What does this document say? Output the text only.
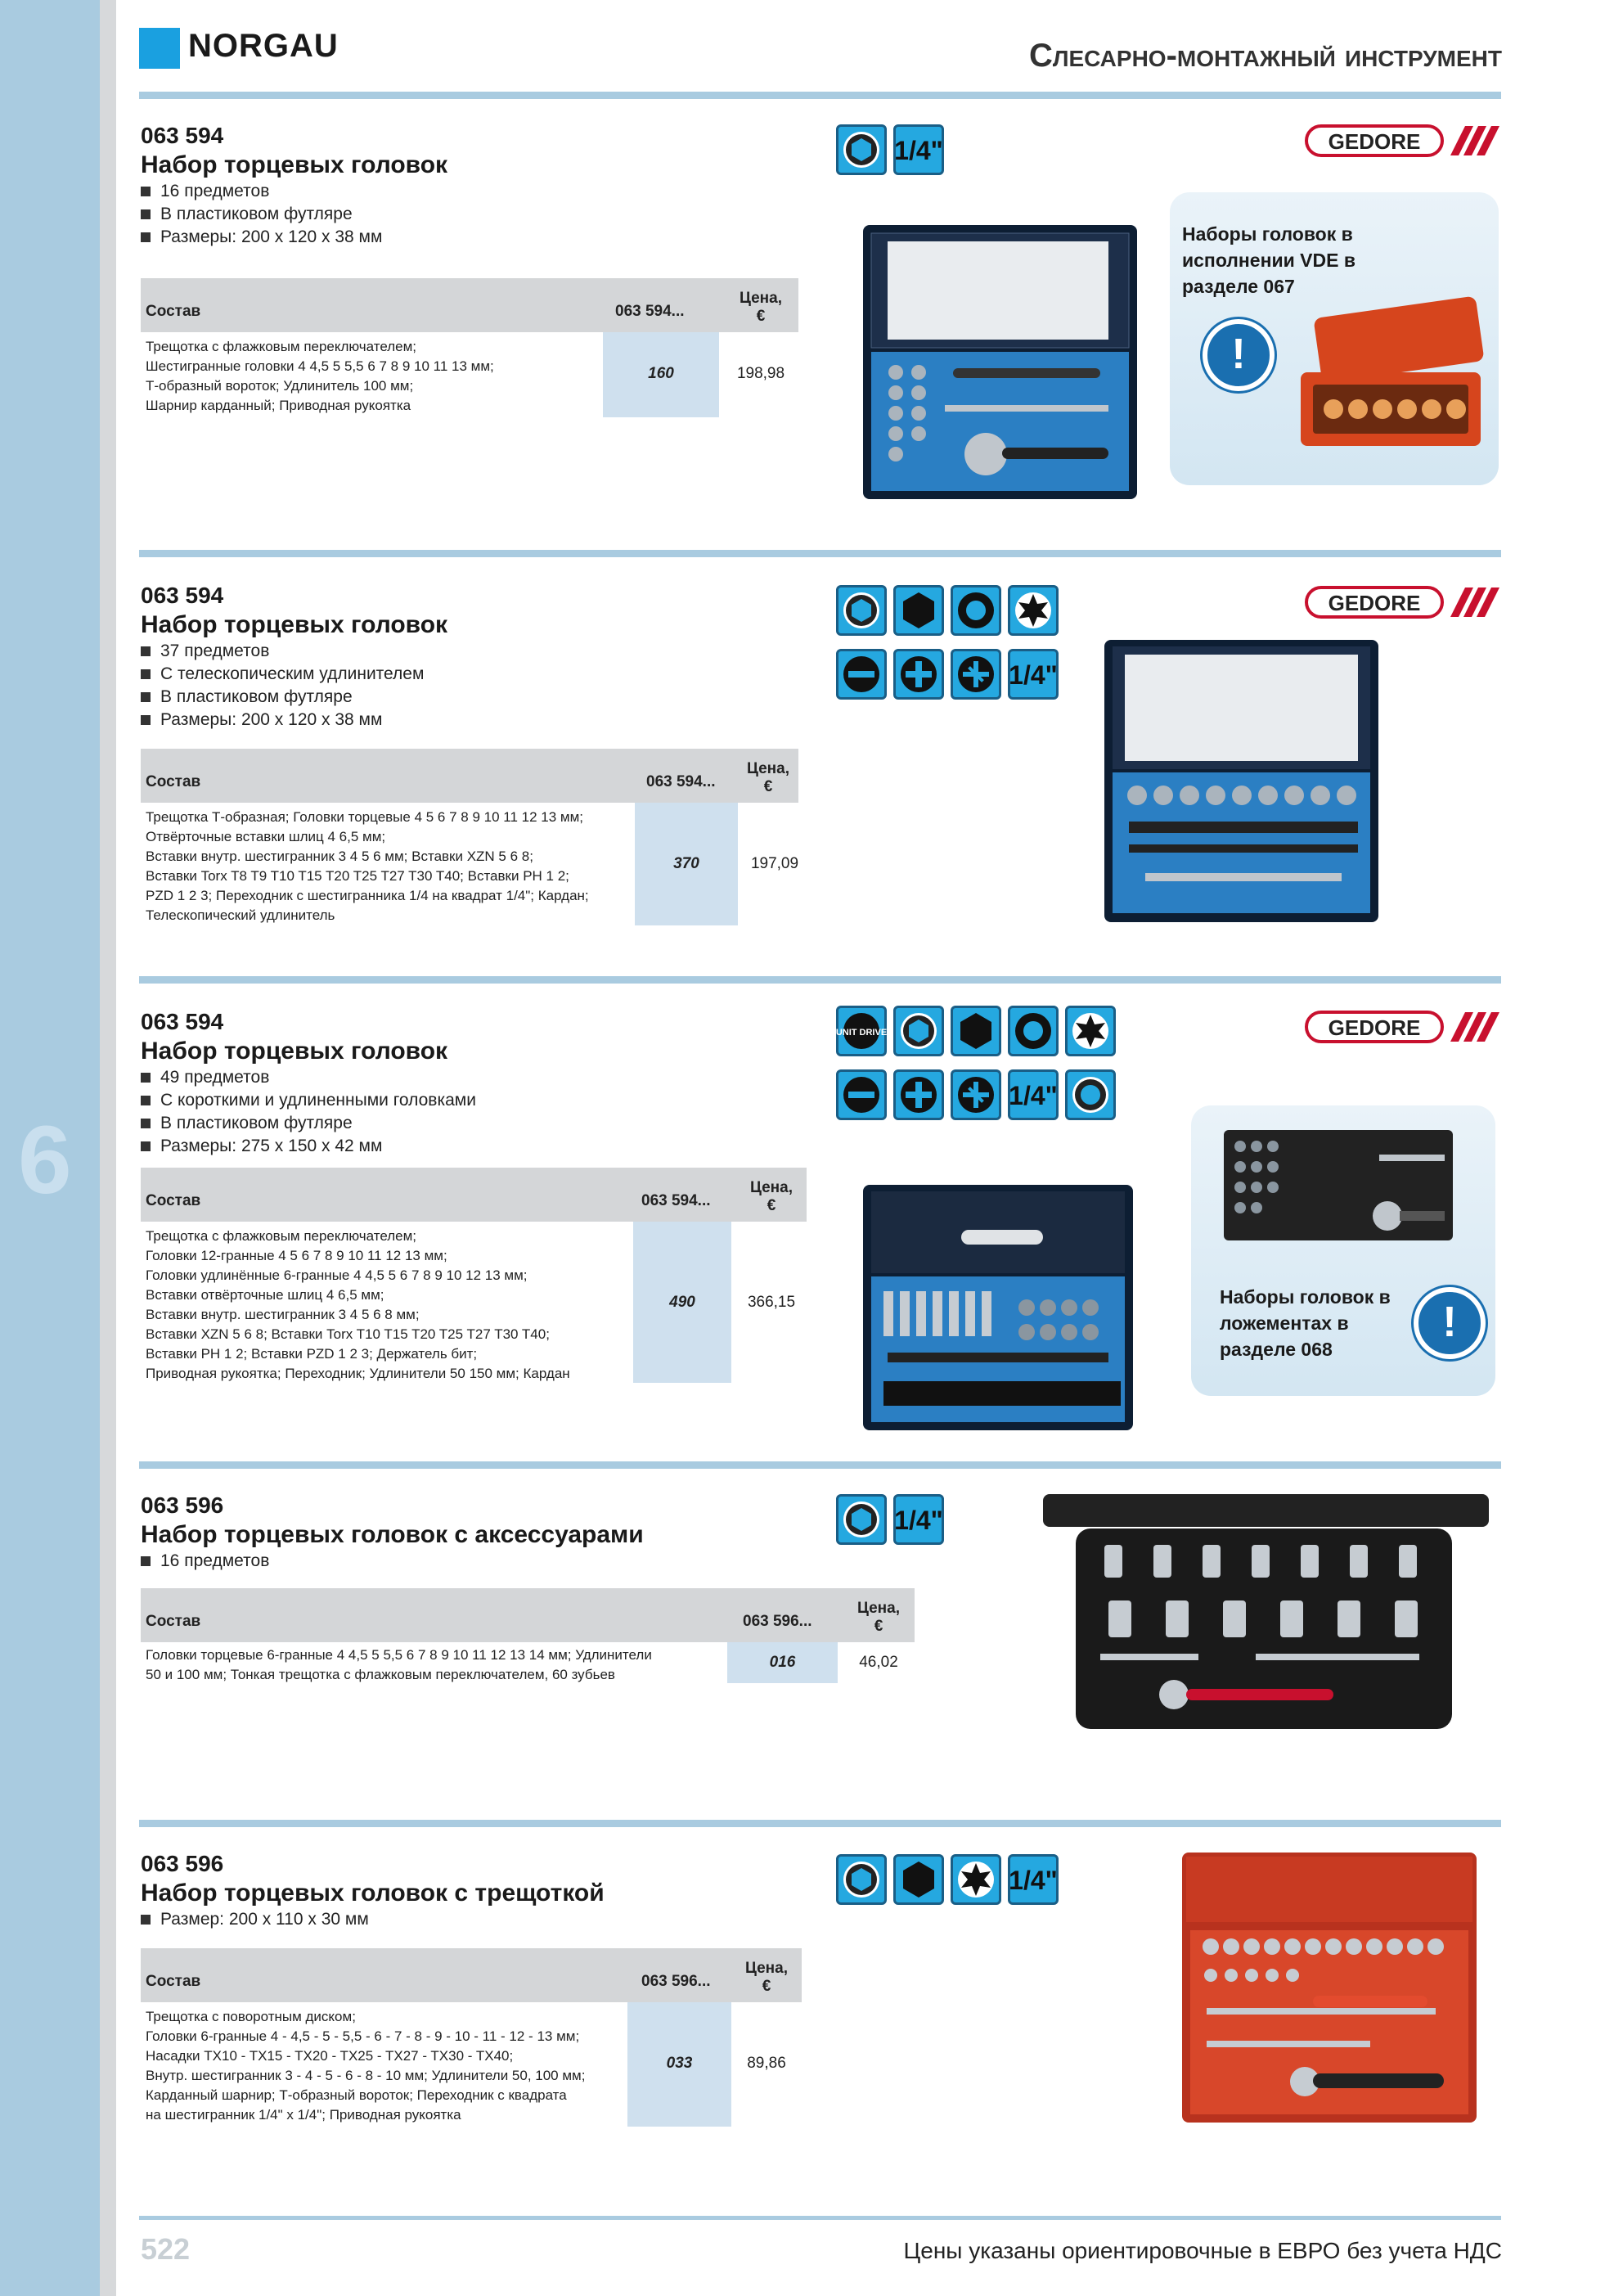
6
NORGAU	Слесарно-монтажный инструмент
063 594
Набор торцевых головок
16 предметов
В пластиковом футляре
Размеры: 200 х 120 х 38 мм
Состав	063 594...
Цена,
€
Трещотка с флажковым переключателем;
Шестигранные головки 4 4,5 5 5,5 6 7 8 9 10 11 13 мм;
Т-образный вороток; Удлинитель 100 мм;
Шарнир карданный; Приводная рукоятка
160	198,98
1/4"	GEDORE
Наборы головок в исполнении VDE в разделе 067
!
063 594
Набор торцевых головок
37 предметов
С телескопическим удлинителем
В пластиковом футляре
Размеры: 200 х 120 х 38 мм
Состав	063 594...
Цена,
€
Трещотка Т-образная; Головки торцевые 4 5 6 7 8 9 10 11 12 13 мм;
Отвёрточные вставки шлиц 4 6,5 мм;
Вставки внутр. шестигранник 3 4 5 6 мм; Вставки XZN 5 6 8;
Вставки Torx T8 T9 T10 T15 T20 T25 T27 T30 T40; Вставки PH 1 2;
PZD 1 2 3; Переходник с шестигранника 1/4 на квадрат 1/4"; Кардан;
Телескопический удлинитель
370	197,09
1/4"
GEDORE
063 594
Набор торцевых головок
49 предметов
С короткими и удлиненными головками
В пластиковом футляре
Размеры: 275 х 150 х 42 мм
Состав	063 594...
Цена,
€
Трещотка с флажковым переключателем;
Головки 12-гранные 4 5 6 7 8 9 10 11 12 13 мм;
Головки удлинённые 6-гранные 4 4,5 5 6 7 8 9 10 12 13 мм;
Вставки отвёрточные шлиц 4 6,5 мм;
Вставки внутр. шестигранник 3 4 5 6 8 мм;
Вставки XZN 5 6 8; Вставки Torx T10 T15 T20 T25 T27 T30 T40;
Вставки PH 1 2; Вставки PZD 1 2 3; Держатель бит;
Приводная рукоятка; Переходник; Удлинители 50 150 мм; Кардан
490	366,15
UNIT DRIVE
1/4"
GEDORE
Наборы головок в ложементах в разделе 068
!
063 596
Набор торцевых головок с аксессуарами
16 предметов
Состав	063 596...
Цена,
€
Головки торцевые 6-гранные 4 4,5 5 5,5 6 7 8 9 10 11 12 13 14 мм; Удлинители
50 и 100 мм; Тонкая трещотка с флажковым переключателем, 60 зубьев
016	46,02
1/4"
063 596
Набор торцевых головок с трещоткой
Размер: 200 х 110 х 30 мм
Состав	063 596...
Цена,
€
Трещотка с поворотным диском;
Головки 6-гранные 4 - 4,5 - 5 - 5,5 - 6 - 7 - 8 - 9 - 10 - 11 - 12 - 13 мм;
Насадки TX10 - TX15 - TX20 - TX25 - TX27 - TX30 - TX40;
Внутр. шестигранник 3 - 4 - 5 - 6 - 8 - 10 мм; Удлинители 50, 100 мм;
Карданный шарнир; Т-образный вороток; Переходник с квадрата
на шестигранник 1/4" х 1/4"; Приводная рукоятка
033	89,86
1/4"
522	Цены указаны ориентировочные в ЕВРО без учета НДС
